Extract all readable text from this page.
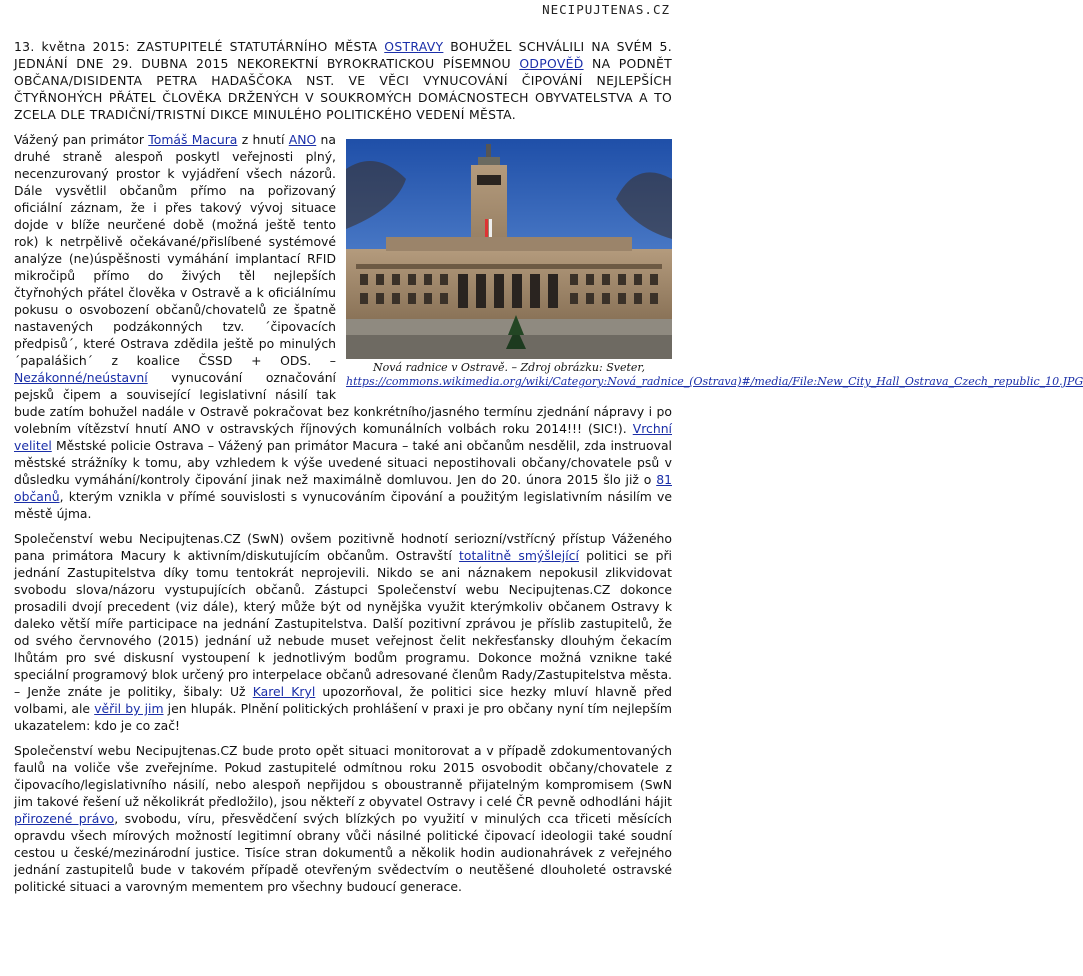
NECIPUJTENAS.CZ

13. května 2015: ZASTUPITELÉ STATUTÁRNÍHO MĚSTA OSTRAVY BOHUŽEL SCHVÁLILI NA SVÉM 5. JEDNÁNÍ DNE 29. DUBNA 2015 NEKOREKTNÍ BYROKRATICKOU PÍSEMNOU ODPOVĚĎ NA PODNĚT OBČANA/DISIDENTA PETRA HADAŠČOKA NST. VE VĚCI VYNUCOVÁNÍ ČIPOVÁNÍ NEJLEPŠÍCH ČTYŘNOHÝCH PŘÁTEL ČLOVĚKA DRŽENÝCH V SOUKROMÝCH DOMÁCNOSTECH OBYVATELSTVA A TO ZCELA DLE TRADIČNÍ/TRISTNÍ DIKCE MINULÉHO POLITICKÉHO VEDENÍ MĚSTA.

Nová radnice v Ostravě. – Zdroj obrázku: Sveter, https://commons.wikimedia.org/wiki/Category:Nová_radnice_(Ostrava)#/media/File:New_City_Hall_Ostrava_Czech_republic_10.JPG

Vážený pan primátor Tomáš Macura z hnutí ANO na druhé straně alespoň poskytl veřejnosti plný, necenzurovaný prostor k vyjádření všech názorů. Dále vysvětlil občanům přímo na pořizovaný oficiální záznam, že i přes takový vývoj situace dojde v blíže neurčené době (možná ještě tento rok) k netrpělivě očekávané/přislíbené systémové analýze (ne)úspěšnosti vymáhání implantací RFID mikročipů přímo do živých těl nejlepších čtyřnohých přátel člověka v Ostravě a k oficiálnímu pokusu o osvobození občanů/chovatelů ze špatně nastavených podzákonných tzv. ´čipovacích předpisů´, které Ostrava zdědila ještě po minulých ´papalášich´ z koalice ČSSD + ODS. – Nezákonné/neústavní vynucování označování pejsků čipem a související legislativní násilí tak bude zatím bohužel nadále v Ostravě pokračovat bez konkrétního/jasného termínu zjednání nápravy i po volebním vítězství hnutí ANO v ostravských říjnových komunálních volbách roku 2014!!! (SIC!). Vrchní velitel Městské policie Ostrava – Vážený pan primátor Macura – také ani občanům nesdělil, zda instruoval městské strážníky k tomu, aby vzhledem k výše uvedené situaci nepostihovali občany/chovatele psů v důsledku vymáhání/kontroly čipování jinak než maximálně domluvou. Jen do 20. února 2015 šlo již o 81 občanů, kterým vznikla v přímé souvislosti s vynucováním čipování a použitým legislativním násilím ve městě újma.

Společenství webu Necipujtenas.CZ (SwN) ovšem pozitivně hodnotí seriozní/vstřícný přístup Váženého pana primátora Macury k aktivním/diskutujícím občanům. Ostravští totalitně smýšlející politici se při jednání Zastupitelstva díky tomu tentokrát neprojevili. Nikdo se ani náznakem nepokusil zlikvidovat svobodu slova/názoru vystupujících občanů. Zástupci Společenství webu Necipujtenas.CZ dokonce prosadili dvojí precedent (viz dále), který může být od nynějška využit kterýmkoliv občanem Ostravy k daleko větší míře participace na jednání Zastupitelstva. Další pozitivní zprávou je příslib zastupitelů, že od svého červnového (2015) jednání už nebude muset veřejnost čelit nekřesťansky dlouhým čekacím lhůtám pro své diskusní vystoupení k jednotlivým bodům programu. Dokonce možná vznikne také speciální programový blok určený pro interpelace občanů adresované členům Rady/Zastupitelstva města. – Jenže znáte je politiky, šibaly: Už Karel Kryl upozorňoval, že politici sice hezky mluví hlavně před volbami, ale věřil by jim jen hlupák. Plnění politických prohlášení v praxi je pro občany nyní tím nejlepším ukazatelem: kdo je co zač!

Společenství webu Necipujtenas.CZ bude proto opět situaci monitorovat a v případě zdokumentovaných faulů na voliče vše zveřejníme. Pokud zastupitelé odmítnou roku 2015 osvobodit občany/chovatele z čipovacího/legislativního násilí, nebo alespoň nepřijdou s oboustranně přijatelným kompromisem (SwN jim takové řešení už několikrát předložilo), jsou někteří z obyvatel Ostravy i celé ČR pevně odhodláni hájit přirozené právo, svobodu, víru, přesvědčení svých blízkých po využití v minulých cca třiceti měsících opravdu všech mírových možností legitimní obrany vůči násilné politické čipovací ideologii také soudní cestou u české/mezinárodní justice. Tisíce stran dokumentů a několik hodin audionahrávek z veřejného jednání zastupitelů bude v takovém případě otevřeným svědectvím o neutěšené dlouholeté ostravské politické situaci a varovným mementem pro všechny budoucí generace.
